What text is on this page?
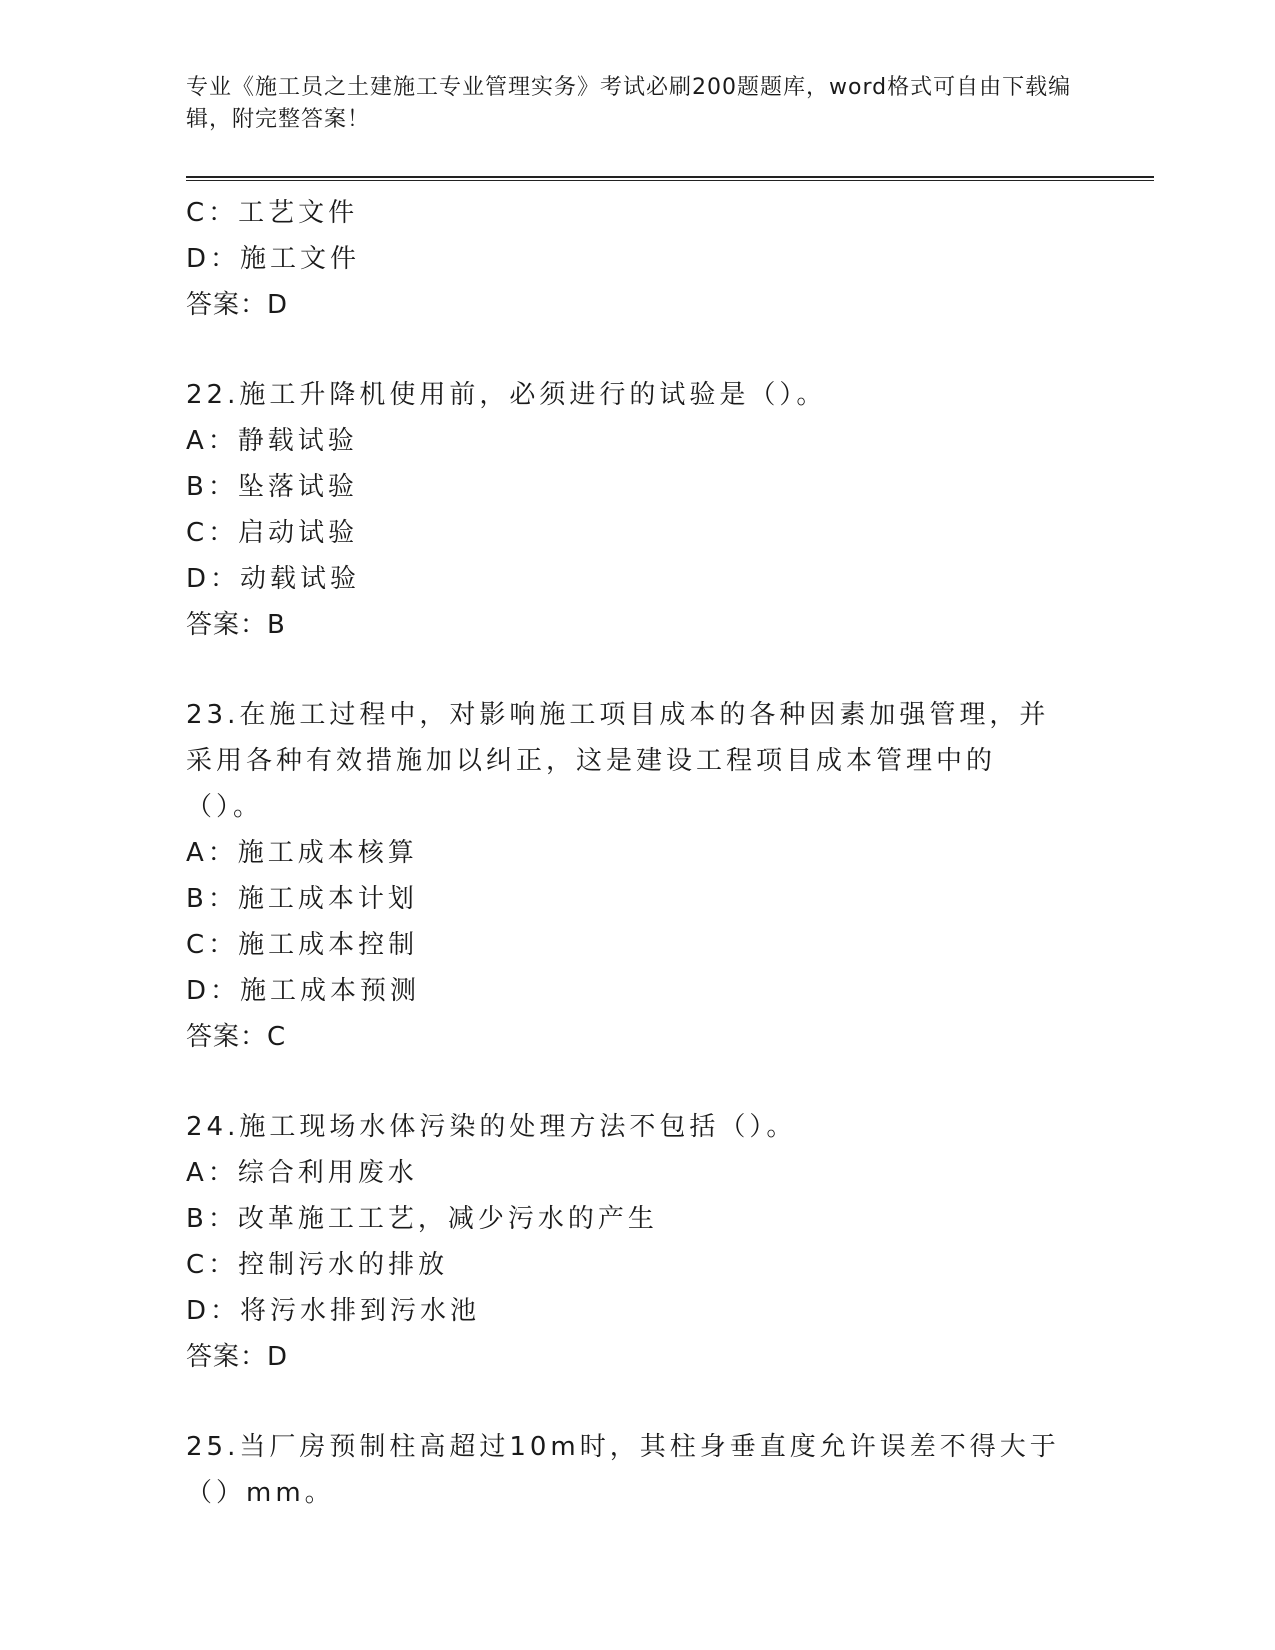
专业《施工员之土建施工专业管理实务》考试必刷200题题库，word格式可自由下载编辑，附完整答案！
C：工艺文件
D：施工文件
答案：D
22.施工升降机使用前，必须进行的试验是（）。
A：静载试验
B：坠落试验
C：启动试验
D：动载试验
答案：B
23.在施工过程中，对影响施工项目成本的各种因素加强管理，并采用各种有效措施加以纠正，这是建设工程项目成本管理中的（）。
A：施工成本核算
B：施工成本计划
C：施工成本控制
D：施工成本预测
答案：C
24.施工现场水体污染的处理方法不包括（）。
A：综合利用废水
B：改革施工工艺，减少污水的产生
C：控制污水的排放
D：将污水排到污水池
答案：D
25.当厂房预制柱高超过10m时，其柱身垂直度允许误差不得大于（）mm。
